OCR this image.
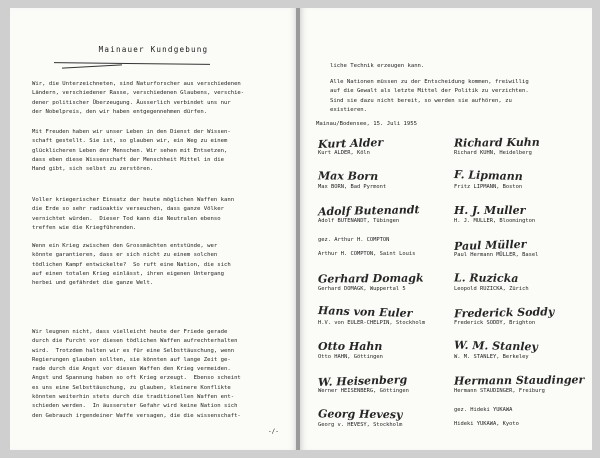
Mainauer Kundgebung

Wir, die Unterzeichneten, sind Naturforscher aus verschiedenen
Ländern, verschiedener Rasse, verschiedenen Glaubens, verschie-
dener politischer Überzeugung. Äusserlich verbindet uns nur
der Nobelpreis, den wir haben entgegennehmen dürfen.

Mit Freuden haben wir unser Leben in den Dienst der Wissen-
schaft gestellt. Sie ist, so glauben wir, ein Weg zu einem
glücklicheren Leben der Menschen. Wir sehen mit Entsetzen,
dass eben diese Wissenschaft der Menschheit Mittel in die
Hand gibt, sich selbst zu zerstören.

Voller kriegerischer Einsatz der heute möglichen Waffen kann
die Erde so sehr radioaktiv verseuchen, dass ganze Völker
vernichtet würden.  Dieser Tod kann die Neutralen ebenso
treffen wie die Kriegführenden.

Wenn ein Krieg zwischen den Grossmächten entstünde, wer
könnte garantieren, dass er sich nicht zu einem solchen
tödlichen Kampf entwickelte?  So ruft eine Nation, die sich
auf einen totalen Krieg einlässt, ihren eigenen Untergang
herbei und gefährdet die ganze Welt.

Wir leugnen nicht, dass vielleicht heute der Friede gerade
durch die Furcht vor diesen tödlichen Waffen aufrechterhalten
wird.  Trotzdem halten wir es für eine Selbsttäuschung, wenn
Regierungen glauben sollten, sie könnten auf lange Zeit ge-
rade durch die Angst vor diesen Waffen den Krieg vermeiden.
Angst und Spannung haben so oft Krieg erzeugt.  Ebenso scheint
es uns eine Selbsttäuschung, zu glauben, kleinere Konflikte
könnten weiterhin stets durch die traditionellen Waffen ent-
schieden werden.  In äusserster Gefahr wird keine Nation sich
den Gebrauch irgendeiner Waffe versagen, die die wissenschaft-

-/-

liche Technik erzeugen kann.

Alle Nationen müssen zu der Entscheidung kommen, freiwillig
auf die Gewalt als letzte Mittel der Politik zu verzichten.
Sind sie dazu nicht bereit, so werden sie aufhören, zu
existieren.

Mainau/Bodensee, 15. Juli 1955
Kurt Alder
Kurt ALDER, Köln
Richard Kuhn
Richard KUHN, Heidelberg
Max Born
Max BORN, Bad Pyrmont
F. Lipmann
Fritz LIPMANN, Boston
Adolf Butenandt
Adolf BUTENANDT, Tübingen
H. J. Muller
H. J. MULLER, Bloomington
gez. Arthur H. COMPTON
Arthur H. COMPTON, Saint Louis
Paul Müller
Paul Hermann MÜLLER, Basel
Gerhard Domagk
Gerhard DOMAGK, Wuppertal 5
L. Ruzicka
Leopold RUZICKA, Zürich
Hans von Euler
H.V. von EULER-CHELPIN, Stockholm
Frederick Soddy
Frederick SODDY, Brighton
Otto Hahn
Otto HAHN, Göttingen
W. M. Stanley
W. M. STANLEY, Berkeley
W. Heisenberg
Werner HEISENBERG, Göttingen
Hermann Staudinger
Hermann STAUDINGER, Freiburg
Georg Hevesy
Georg v. HEVESY, Stockholm
gez. Hideki YUKAWA
Hideki YUKAWA, Kyoto
